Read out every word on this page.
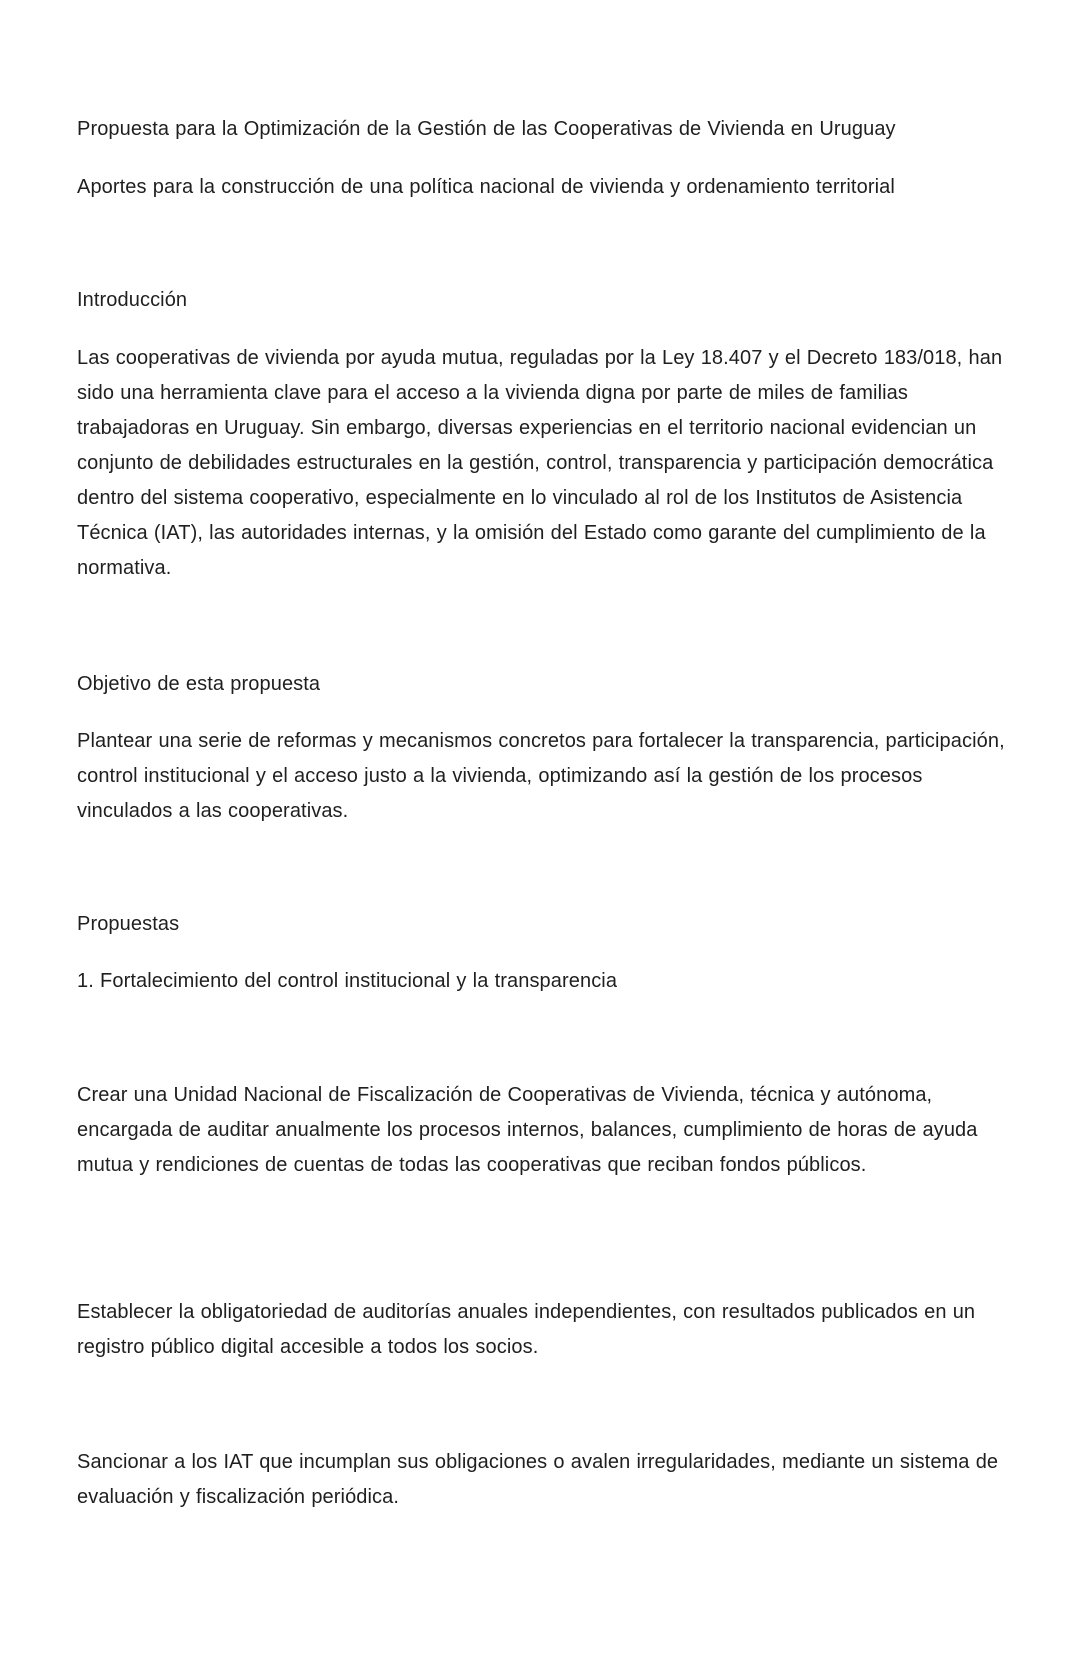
Propuesta para la Optimización de la Gestión de las Cooperativas de Vivienda en Uruguay

Aportes para la construcción de una política nacional de vivienda y ordenamiento territorial

Introducción

Las cooperativas de vivienda por ayuda mutua, reguladas por la Ley 18.407 y el Decreto 183/018, han sido una herramienta clave para el acceso a la vivienda digna por parte de miles de familias trabajadoras en Uruguay. Sin embargo, diversas experiencias en el territorio nacional evidencian un conjunto de debilidades estructurales en la gestión, control, transparencia y participación democrática dentro del sistema cooperativo, especialmente en lo vinculado al rol de los Institutos de Asistencia Técnica (IAT), las autoridades internas, y la omisión del Estado como garante del cumplimiento de la normativa.

Objetivo de esta propuesta

Plantear una serie de reformas y mecanismos concretos para fortalecer la transparencia, participación, control institucional y el acceso justo a la vivienda, optimizando así la gestión de los procesos vinculados a las cooperativas.

Propuestas

1. Fortalecimiento del control institucional y la transparencia

Crear una Unidad Nacional de Fiscalización de Cooperativas de Vivienda, técnica y autónoma, encargada de auditar anualmente los procesos internos, balances, cumplimiento de horas de ayuda mutua y rendiciones de cuentas de todas las cooperativas que reciban fondos públicos.

Establecer la obligatoriedad de auditorías anuales independientes, con resultados publicados en un registro público digital accesible a todos los socios.

Sancionar a los IAT que incumplan sus obligaciones o avalen irregularidades, mediante un sistema de evaluación y fiscalización periódica.
